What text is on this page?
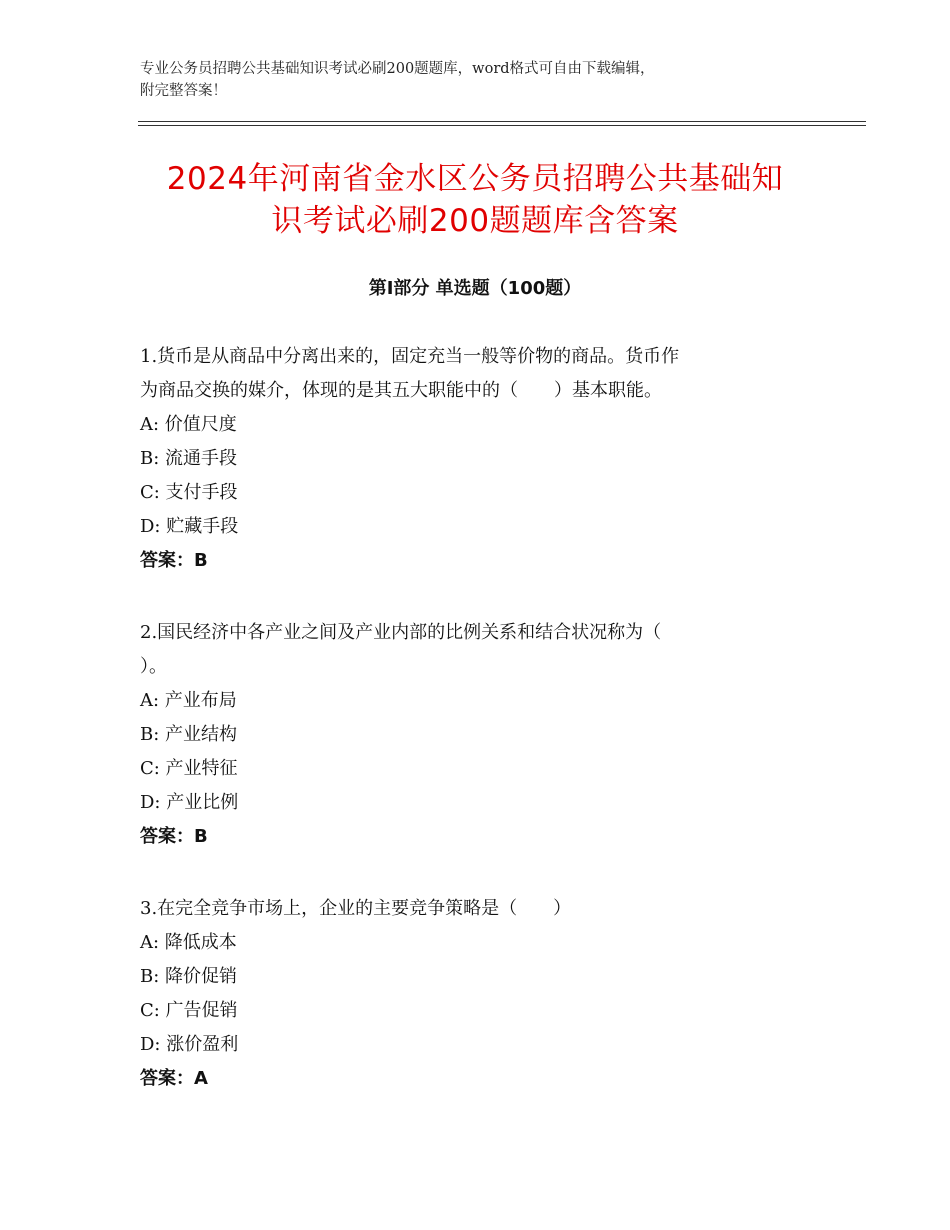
专业公务员招聘公共基础知识考试必刷200题题库，word格式可自由下载编辑，
附完整答案！
2024年河南省金水区公务员招聘公共基础知
识考试必刷200题题库含答案
第Ⅰ部分 单选题（100题）

1.货币是从商品中分离出来的，固定充当一般等价物的商品。货币作

为商品交换的媒介，体现的是其五大职能中的（　　）基本职能。

A: 价值尺度

B: 流通手段

C: 支付手段

D: 贮藏手段

答案：B

2.国民经济中各产业之间及产业内部的比例关系和结合状况称为（

）。

A: 产业布局

B: 产业结构

C: 产业特征

D: 产业比例

答案：B

3.在完全竞争市场上，企业的主要竞争策略是（　　）

A: 降低成本

B: 降价促销

C: 广告促销

D: 涨价盈利

答案：A
